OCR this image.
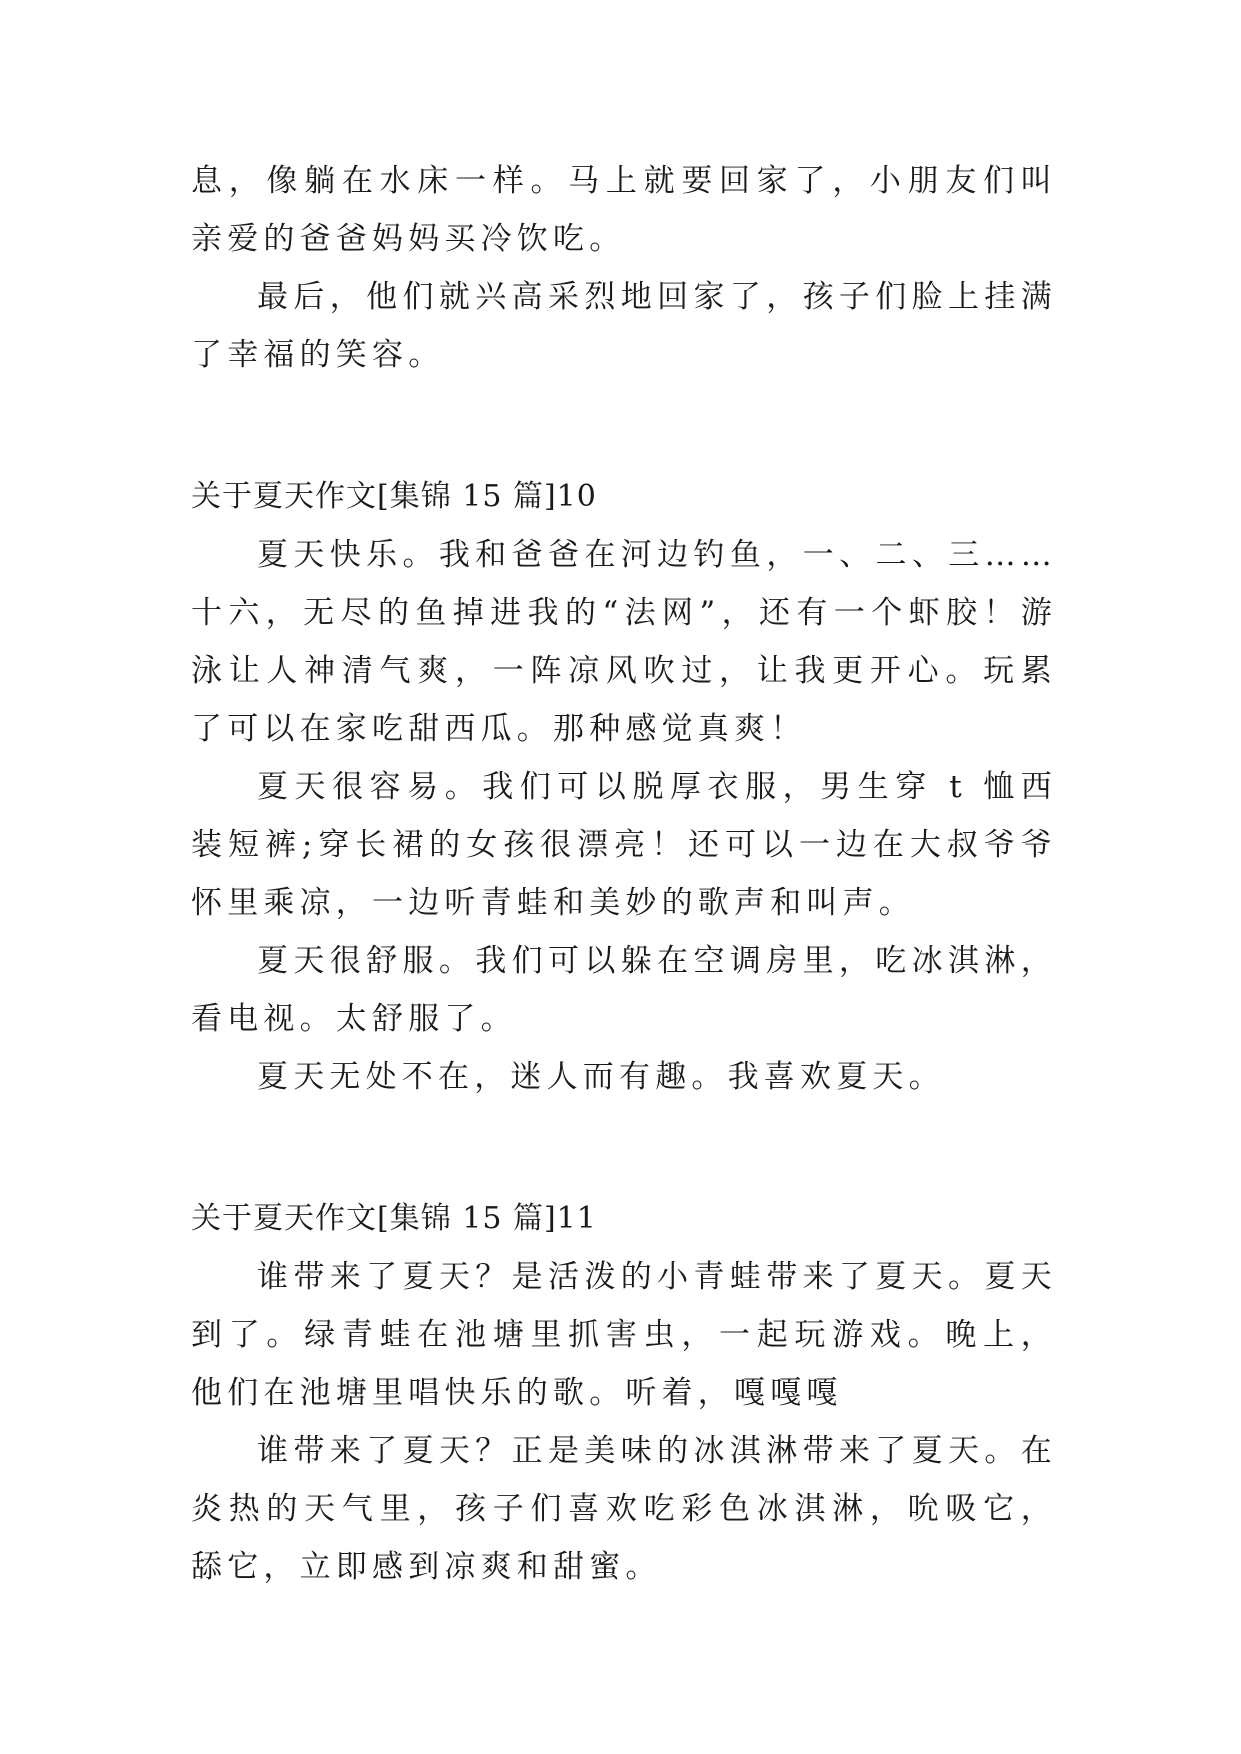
息，像躺在水床一样。马上就要回家了，小朋友们叫亲爱的爸爸妈妈买冷饮吃。

最后，他们就兴高采烈地回家了，孩子们脸上挂满了幸福的笑容。

关于夏天作文[集锦 15 篇]10

夏天快乐。我和爸爸在河边钓鱼，一、二、三……十六，无尽的鱼掉进我的“法网”，还有一个虾胶！游泳让人神清气爽，一阵凉风吹过，让我更开心。玩累了可以在家吃甜西瓜。那种感觉真爽！

夏天很容易。我们可以脱厚衣服，男生穿 t 恤西装短裤;穿长裙的女孩很漂亮！还可以一边在大叔爷爷怀里乘凉，一边听青蛙和美妙的歌声和叫声。

夏天很舒服。我们可以躲在空调房里，吃冰淇淋，看电视。太舒服了。

夏天无处不在，迷人而有趣。我喜欢夏天。

关于夏天作文[集锦 15 篇]11

谁带来了夏天？是活泼的小青蛙带来了夏天。夏天到了。绿青蛙在池塘里抓害虫，一起玩游戏。晚上，他们在池塘里唱快乐的歌。听着，嘎嘎嘎

谁带来了夏天？正是美味的冰淇淋带来了夏天。在炎热的天气里，孩子们喜欢吃彩色冰淇淋，吮吸它，舔它，立即感到凉爽和甜蜜。
